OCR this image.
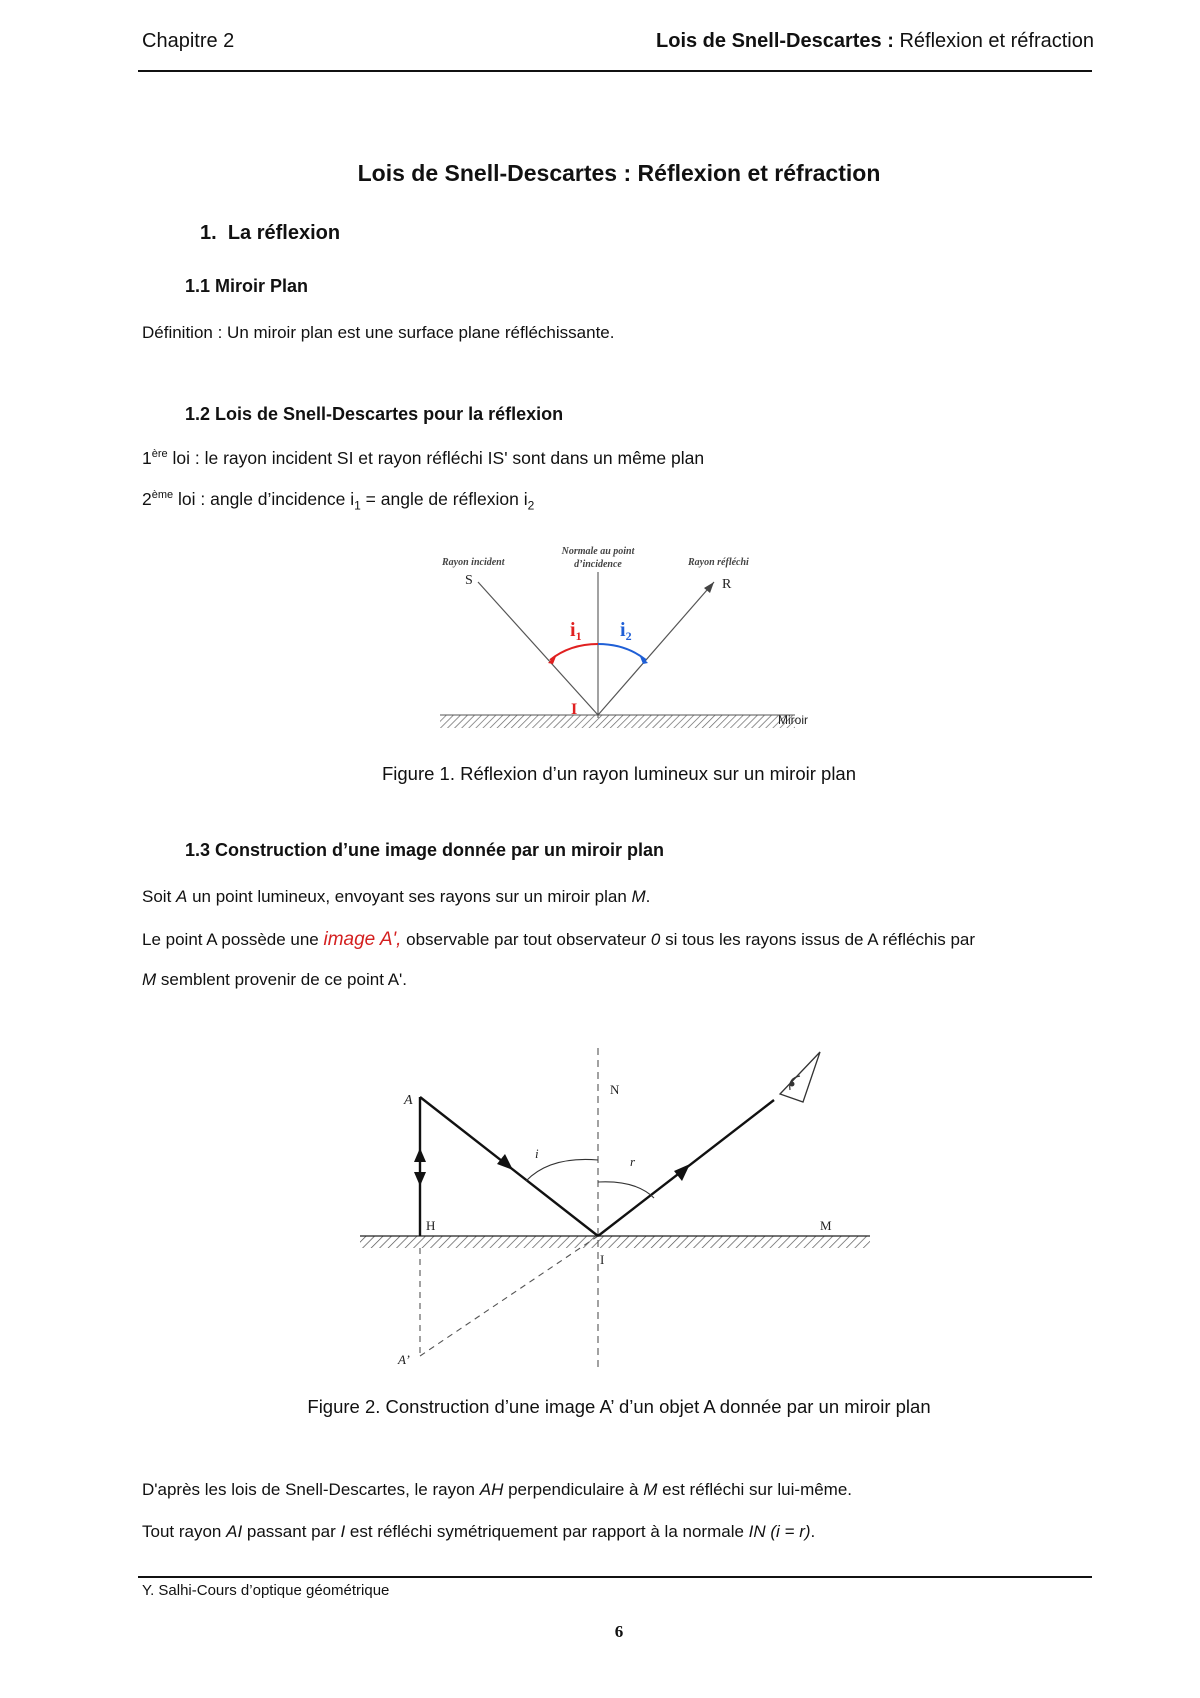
Chapitre 2	Lois de Snell-Descartes : Réflexion et réfraction
Lois de Snell-Descartes : Réflexion et réfraction
1. La réflexion
1.1 Miroir Plan
Définition : Un miroir plan est une surface plane réfléchissante.
1.2 Lois de Snell-Descartes pour la réflexion
1ère loi : le rayon incident SI et rayon réfléchi IS' sont dans un même plan
2ème loi : angle d’incidence $i_1$ = angle de réflexion $i_2$
Rayon incident
Normale au point
d’incidence	Rayon réfléchi
S	R
$i_1$ $i_2$
I
Miroir
Figure 1. Réflexion d’un rayon lumineux sur un miroir plan
1.3 Construction d’une image donnée par un miroir plan
Soit A un point lumineux, envoyant ses rayons sur un miroir plan M.
Le point A possède une image A', observable par tout observateur 0 si tous les rayons issus de A réfléchis par
M semblent provenir de ce point A'.
A
N
i
r
H	M
I
A’
Figure 2. Construction d’une image A’ d’un objet A donnée par un miroir plan
D'après les lois de Snell-Descartes, le rayon AH perpendiculaire à M est réfléchi sur lui-même.
Tout rayon AI passant par I est réfléchi symétriquement par rapport à la normale IN (i = r).
Y. Salhi-Cours d’optique géométrique
6
